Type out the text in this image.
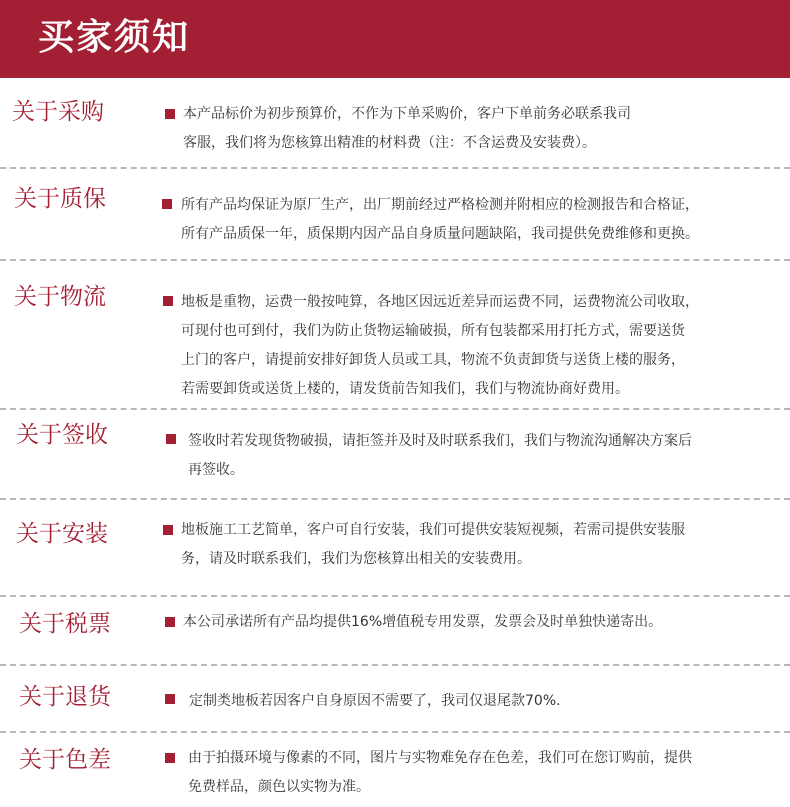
买家须知
关于采购	本产品标价为初步预算价，不作为下单采购价，客户下单前务必联系我司
客服，我们将为您核算出精准的材料费（注：不含运费及安装费）。
关于质保	所有产品均保证为原厂生产，出厂期前经过严格检测并附相应的检测报告和合格证，
所有产品质保一年，质保期内因产品自身质量问题缺陷，我司提供免费维修和更换。
关于物流	地板是重物，运费一般按吨算，各地区因远近差异而运费不同，运费物流公司收取，
可现付也可到付，我们为防止货物运输破损，所有包装都采用打托方式，需要送货
上门的客户，请提前安排好卸货人员或工具，物流不负责卸货与送货上楼的服务，
若需要卸货或送货上楼的，请发货前告知我们，我们与物流协商好费用。
关于签收	签收时若发现货物破损，请拒签并及时及时联系我们，我们与物流沟通解决方案后
再签收。
关于安装	地板施工工艺简单，客户可自行安装，我们可提供安装短视频，若需司提供安装服
务，请及时联系我们，我们为您核算出相关的安装费用。
关于税票	本公司承诺所有产品均提供16%增值税专用发票，发票会及时单独快递寄出。
关于退货	定制类地板若因客户自身原因不需要了，我司仅退尾款70%.
关于色差	由于拍摄环境与像素的不同，图片与实物难免存在色差，我们可在您订购前，提供
免费样品，颜色以实物为准。
